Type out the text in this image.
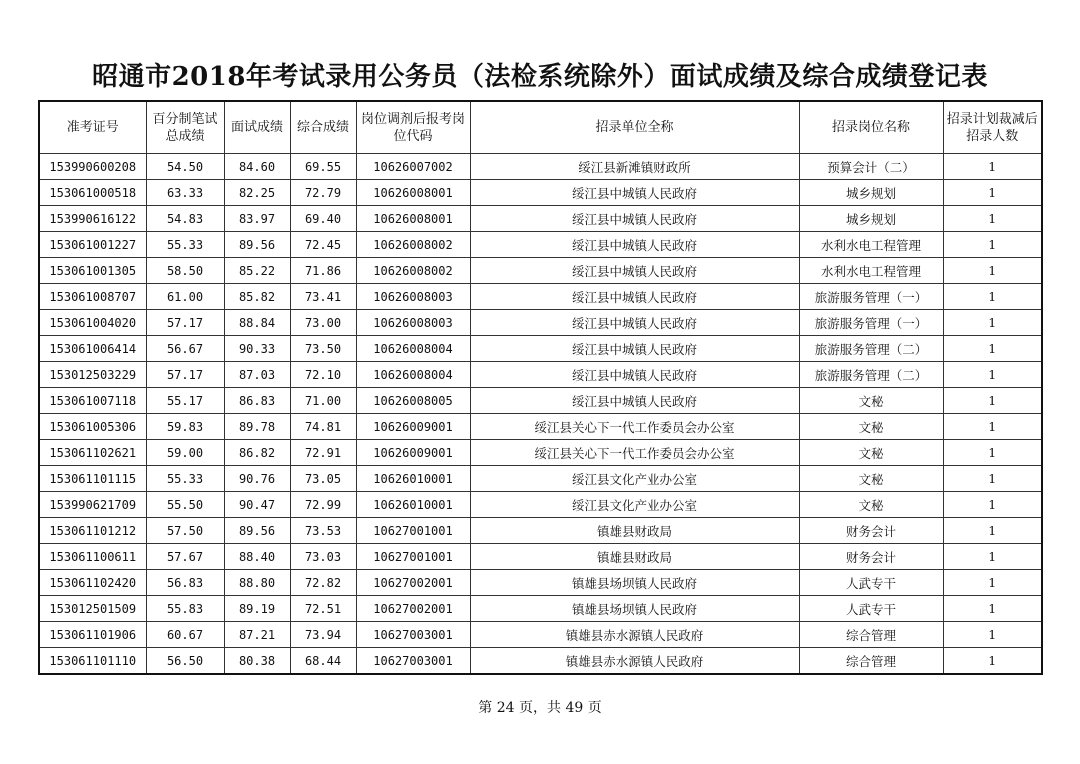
昭通市2018年考试录用公务员（法检系统除外）面试成绩及综合成绩登记表
准考证号	百分制笔试总成绩	面试成绩	综合成绩	岗位调剂后报考岗位代码	招录单位全称	招录岗位名称	招录计划裁减后招录人数
153990600208	54.50	84.60	69.55	10626007002	绥江县新滩镇财政所	预算会计（二）	1
153061000518	63.33	82.25	72.79	10626008001	绥江县中城镇人民政府	城乡规划	1
153990616122	54.83	83.97	69.40	10626008001	绥江县中城镇人民政府	城乡规划	1
153061001227	55.33	89.56	72.45	10626008002	绥江县中城镇人民政府	水利水电工程管理	1
153061001305	58.50	85.22	71.86	10626008002	绥江县中城镇人民政府	水利水电工程管理	1
153061008707	61.00	85.82	73.41	10626008003	绥江县中城镇人民政府	旅游服务管理（一）	1
153061004020	57.17	88.84	73.00	10626008003	绥江县中城镇人民政府	旅游服务管理（一）	1
153061006414	56.67	90.33	73.50	10626008004	绥江县中城镇人民政府	旅游服务管理（二）	1
153012503229	57.17	87.03	72.10	10626008004	绥江县中城镇人民政府	旅游服务管理（二）	1
153061007118	55.17	86.83	71.00	10626008005	绥江县中城镇人民政府	文秘	1
153061005306	59.83	89.78	74.81	10626009001	绥江县关心下一代工作委员会办公室	文秘	1
153061102621	59.00	86.82	72.91	10626009001	绥江县关心下一代工作委员会办公室	文秘	1
153061101115	55.33	90.76	73.05	10626010001	绥江县文化产业办公室	文秘	1
153990621709	55.50	90.47	72.99	10626010001	绥江县文化产业办公室	文秘	1
153061101212	57.50	89.56	73.53	10627001001	镇雄县财政局	财务会计	1
153061100611	57.67	88.40	73.03	10627001001	镇雄县财政局	财务会计	1
153061102420	56.83	88.80	72.82	10627002001	镇雄县场坝镇人民政府	人武专干	1
153012501509	55.83	89.19	72.51	10627002001	镇雄县场坝镇人民政府	人武专干	1
153061101906	60.67	87.21	73.94	10627003001	镇雄县赤水源镇人民政府	综合管理	1
153061101110	56.50	80.38	68.44	10627003001	镇雄县赤水源镇人民政府	综合管理	1
第 24 页，共 49 页
